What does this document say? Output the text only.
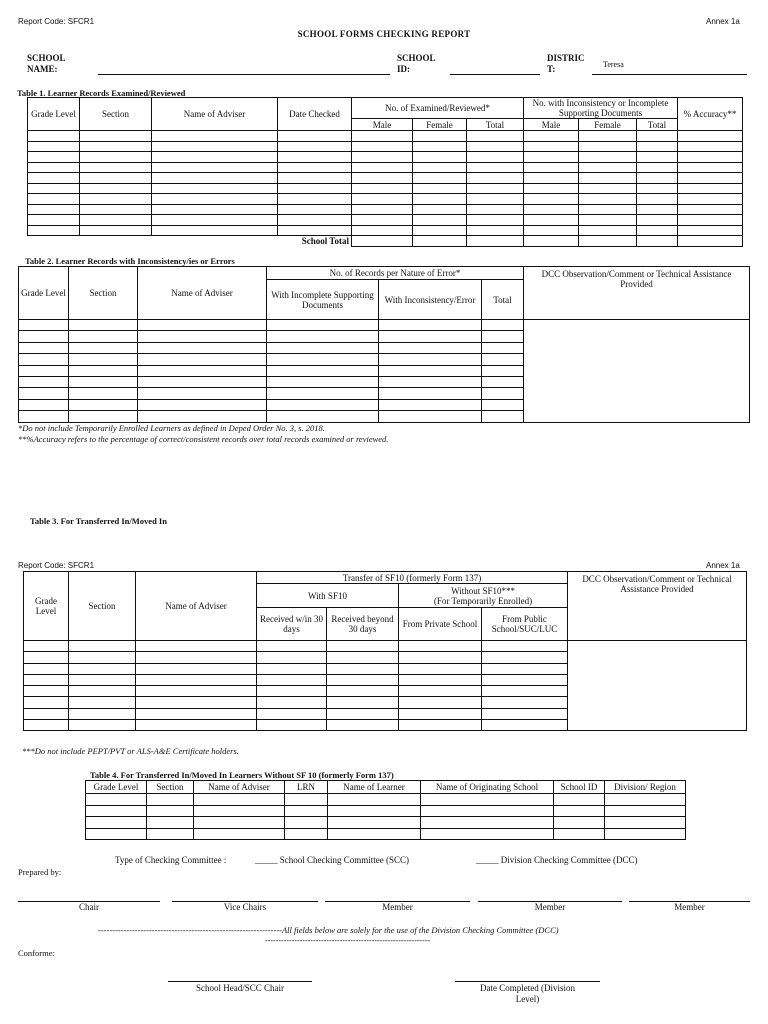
Report Code: SFCR1	Annex 1a
SCHOOL FORMS CHECKING REPORT
SCHOOL
NAME:
SCHOOL
ID:
DISTRIC
T:	Teresa
Table 1. Learner Records Examined/Reviewed
Grade Level	Section	Name of Adviser	Date Checked	No. of Examined/Reviewed*			No. with Inconsistency or Incomplete Supporting Documents			% Accuracy**
				Male	Female	Total	Male	Female	Total	

School Total										
Table 2. Learner Records with Inconsistency/ies or Errors
Grade Level	Section	Name of Adviser	No. of Records per Nature of Error*			DCC Observation/Comment or Technical Assistance Provided
			With Incomplete Supporting Documents	With Inconsistency/Error	Total	

*Do not include Temporarily Enrolled Learners as defined in Deped Order No. 3, s. 2018.
**%Accuracy refers to the percentage of correct/consistent records over total records examined or reviewed.
Table 3. For Transferred In/Moved In
Report Code: SFCR1	Annex 1a
Grade Level	Section	Name of Adviser	Transfer of SF10 (formerly Form 137)				DCC Observation/Comment or Technical Assistance Provided
			With SF10		Without SF10***
(For Temporarily Enrolled)		

			Received w/in 30 days	Received beyond 30 days	From Private School	From Public School/SUC/LUC	

***Do not include PEPT/PVT or ALS-A&E Certificate holders.
Table 4. For Transferred In/Moved In Learners Without SF 10 (formerly Form 137)
Grade Level	Section	Name of Adviser	LRN	Name of Learner	Name of Originating School	School ID	Division/ Region

Type of Checking Committee :	_____ School Checking Committee (SCC)	_____ Division Checking Committee (DCC)
Prepared by:
Chair	Vice Chairs	Member	Member	Member
-----------------------------------------------------------------All fields below are solely for the use of the Division Checking Committee (DCC)
--------------------------------------------------------------
Conforme:
School Head/SCC Chair	Date Completed (Division
Level)
